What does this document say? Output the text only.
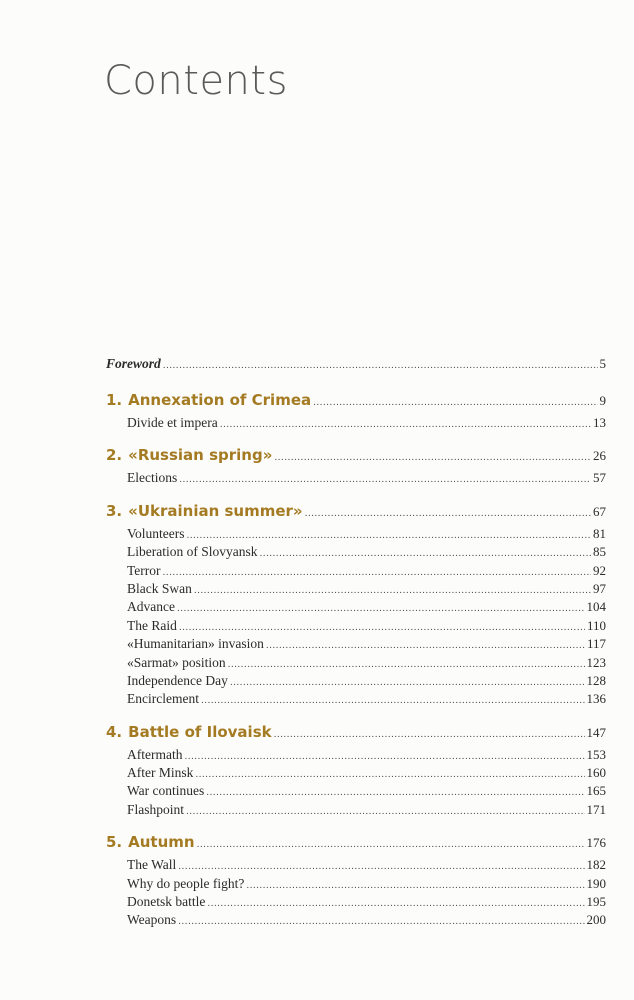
Contents
Foreword .....	5
1. Annexation of Crimea .....	9
Divide et impera .....	13
2. «Russian spring» .....	26
Elections .....	57
3. «Ukrainian summer» .....	67
Volunteers .....	81
Liberation of Slovyansk .....	85
Terror .....	92
Black Swan .....	97
Advance .....	104
The Raid .....	110
«Humanitarian» invasion .....	117
«Sarmat» position .....	123
Independence Day .....	128
Encirclement .....	136
4. Battle of Ilovaisk .....	147
Aftermath .....	153
After Minsk .....	160
War continues .....	165
Flashpoint .....	171
5. Autumn .....	176
The Wall .....	182
Why do people fight? .....	190
Donetsk battle .....	195
Weapons .....	200
